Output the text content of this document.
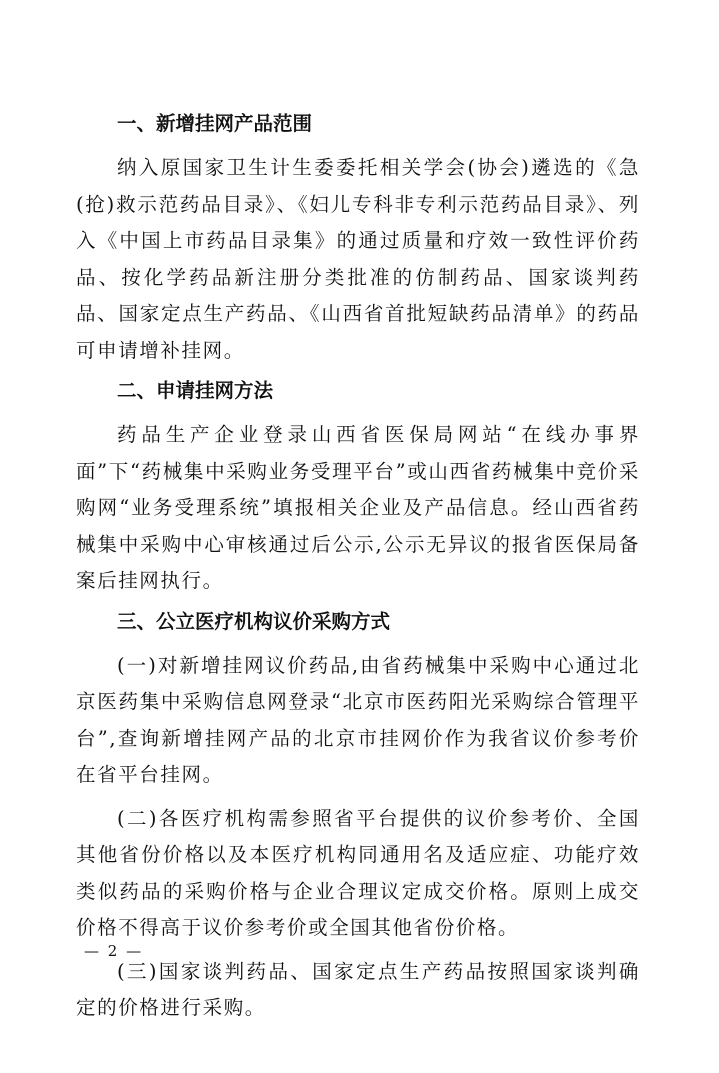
一、新增挂网产品范围

纳入原国家卫生计生委委托相关学会(协会)遴选的《急(抢)救示范药品目录》、《妇儿专科非专利示范药品目录》、列入《中国上市药品目录集》的通过质量和疗效一致性评价药品、按化学药品新注册分类批准的仿制药品、国家谈判药品、国家定点生产药品、《山西省首批短缺药品清单》的药品可申请增补挂网。

二、申请挂网方法

药品生产企业登录山西省医保局网站“在线办事界面”下“药械集中采购业务受理平台”或山西省药械集中竞价采购网“业务受理系统”填报相关企业及产品信息。经山西省药械集中采购中心审核通过后公示,公示无异议的报省医保局备案后挂网执行。

三、公立医疗机构议价采购方式

(一)对新增挂网议价药品,由省药械集中采购中心通过北京医药集中采购信息网登录“北京市医药阳光采购综合管理平台”,查询新增挂网产品的北京市挂网价作为我省议价参考价在省平台挂网。

(二)各医疗机构需参照省平台提供的议价参考价、全国其他省份价格以及本医疗机构同通用名及适应症、功能疗效类似药品的采购价格与企业合理议定成交价格。原则上成交价格不得高于议价参考价或全国其他省份价格。

(三)国家谈判药品、国家定点生产药品按照国家谈判确定的价格进行采购。

— 2 —
